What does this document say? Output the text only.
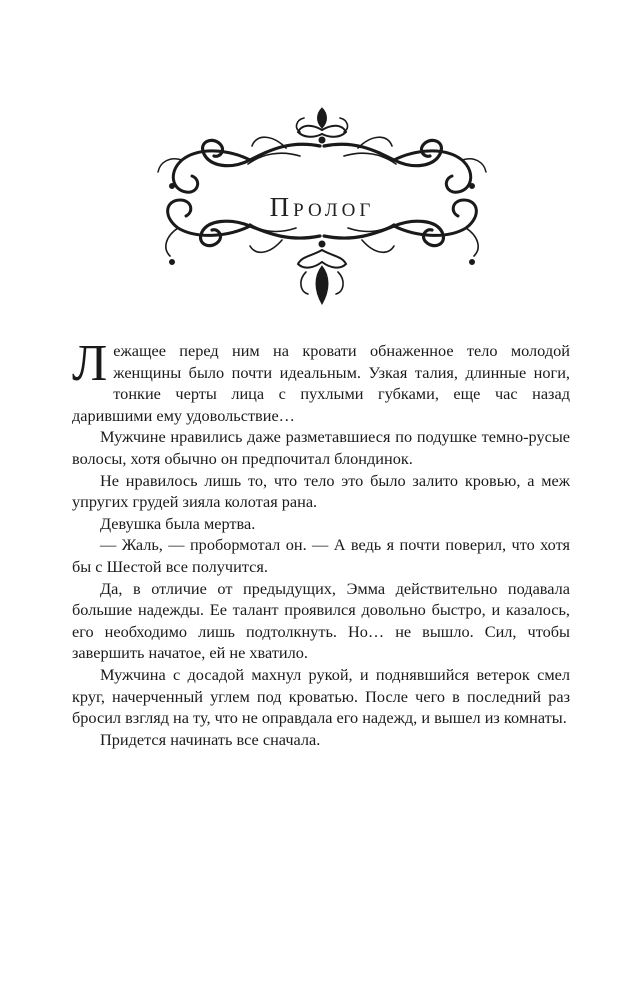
Пролог

Лежащее перед ним на кровати обнаженное тело молодой женщины было почти идеальным. Узкая талия, длинные ноги, тонкие черты лица с пухлыми губками, еще час назад дарившими ему удовольствие…

Мужчине нравились даже разметавшиеся по подушке темно-русые волосы, хотя обычно он предпочитал блондинок.

Не нравилось лишь то, что тело это было залито кровью, а меж упругих грудей зияла колотая рана.

Девушка была мертва.

— Жаль, — пробормотал он. — А ведь я почти поверил, что хотя бы с Шестой все получится.

Да, в отличие от предыдущих, Эмма действительно подавала большие надежды. Ее талант проявился довольно быстро, и казалось, его необходимо лишь подтолкнуть. Но… не вышло. Сил, чтобы завершить начатое, ей не хватило.

Мужчина с досадой махнул рукой, и поднявшийся ветерок смел круг, начерченный углем под кроватью. После чего в последний раз бросил взгляд на ту, что не оправдала его надежд, и вышел из комнаты.

Придется начинать все сначала.
